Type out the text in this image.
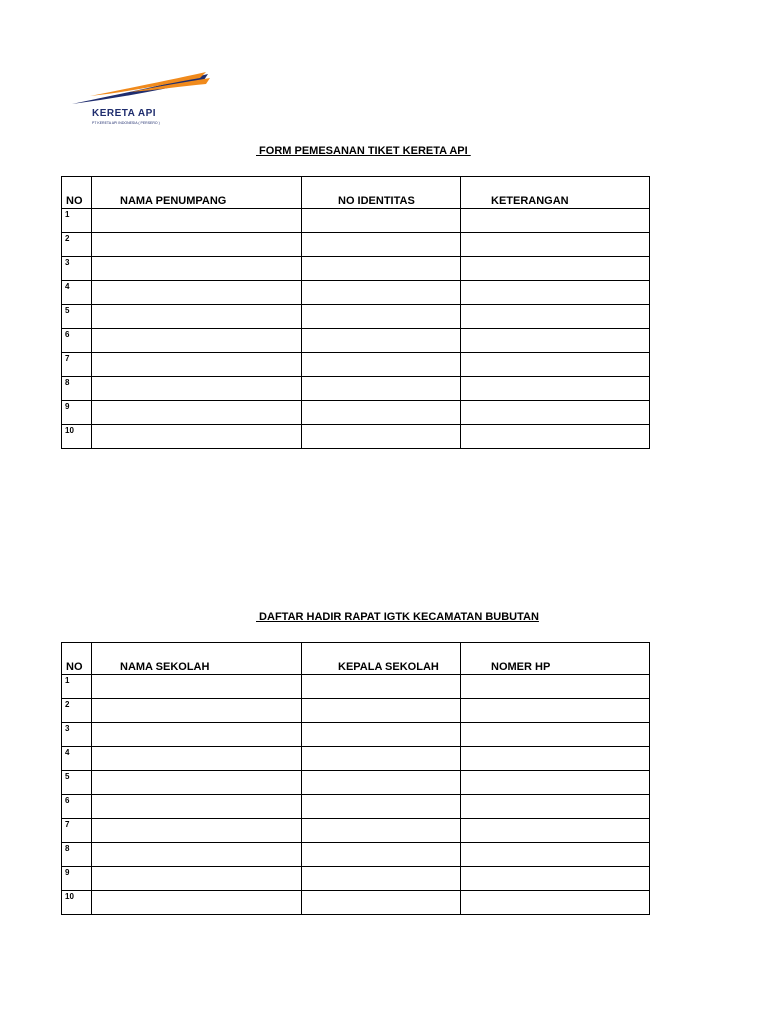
KERETA API
PT KERETA API INDONESIA ( PERSERO )
FORM PEMESANAN TIKET KERETA API
NO	NAMA PENUMPANG	NO IDENTITAS	KETERANGAN
1			
2			
3			
4			
5			
6			
7			
8			
9			
10			
DAFTAR HADIR RAPAT IGTK KECAMATAN BUBUTAN
NO	NAMA SEKOLAH	KEPALA SEKOLAH	NOMER HP
1			
2			
3			
4			
5			
6			
7			
8			
9			
10			
